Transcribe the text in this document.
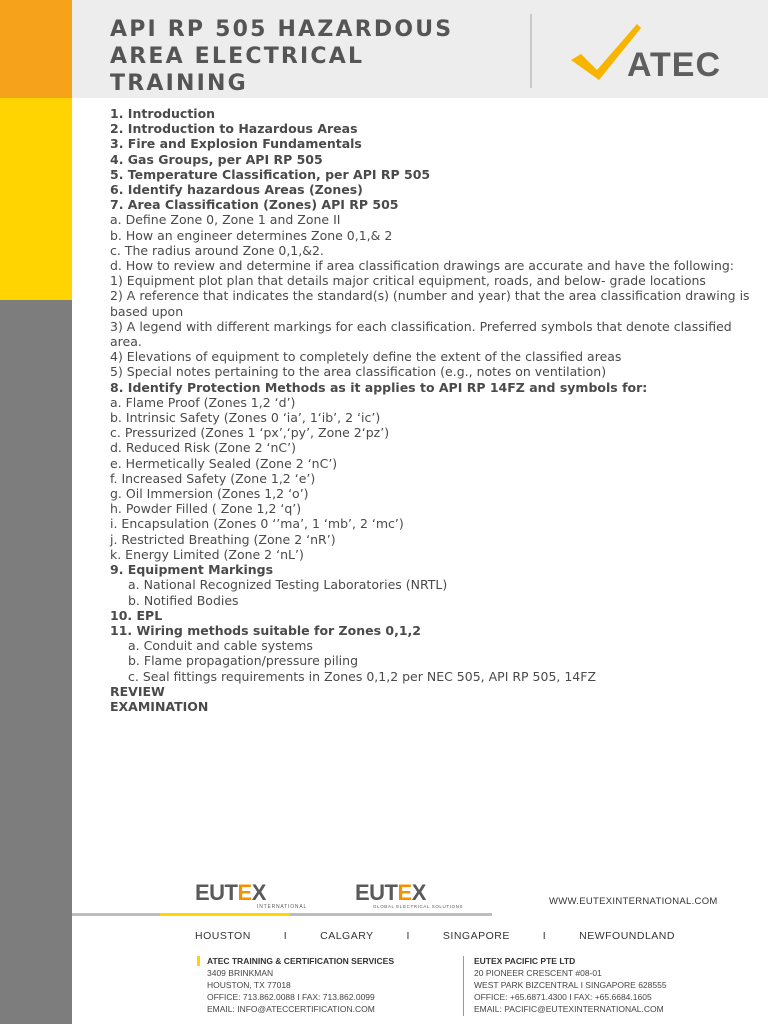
API RP 505 HAZARDOUS AREA ELECTRICAL TRAINING	ATEC
1. Introduction
2. Introduction to Hazardous Areas
3. Fire and Explosion Fundamentals
4. Gas Groups, per API RP 505
5. Temperature Classification, per API RP 505
6. Identify hazardous Areas (Zones)
7. Area Classification (Zones) API RP 505
a. Define Zone 0, Zone 1 and Zone II
b. How an engineer determines Zone 0,1,& 2
c. The radius around Zone 0,1,&2.
d. How to review and determine if area classification drawings are accurate and have the following:
1) Equipment plot plan that details major critical equipment, roads, and below- grade locations
2) A reference that indicates the standard(s) (number and year) that the area classification drawing is based upon
3) A legend with different markings for each classification. Preferred symbols that denote classified area.
4) Elevations of equipment to completely define the extent of the classified areas
5) Special notes pertaining to the area classification (e.g., notes on ventilation)
8. Identify Protection Methods as it applies to API RP 14FZ and symbols for:
a. Flame Proof (Zones 1,2 ‘d’)
b. Intrinsic Safety (Zones 0 ‘ia’, 1‘ib’, 2 ‘ic’)
c. Pressurized (Zones 1 ‘px’,‘py’, Zone 2‘pz’)
d. Reduced Risk (Zone 2 ‘nC’)
e. Hermetically Sealed (Zone 2 ‘nC’)
f. Increased Safety (Zone 1,2 ‘e’)
g. Oil Immersion (Zones 1,2 ‘o’)
h. Powder Filled ( Zone 1,2 ‘q’)
i. Encapsulation (Zones 0 ‘’ma’, 1 ‘mb’, 2 ‘mc’)
j. Restricted Breathing (Zone 2 ‘nR’)
k. Energy Limited (Zone 2 ‘nL’)
9. Equipment Markings
a. National Recognized Testing Laboratories (NRTL)
b. Notified Bodies
10. EPL
11. Wiring methods suitable for Zones 0,1,2
a. Conduit and cable systems
b. Flame propagation/pressure piling
c. Seal fittings requirements in Zones 0,1,2 per NEC 505, API RP 505, 14FZ
REVIEW
EXAMINATION
EUTEX
INTERNATIONAL
EUTEX
GLOBAL ELECTRICAL SOLUTIONS	WWW.EUTEXINTERNATIONAL.COM
HOUSTON	I	CALGARY	I	SINGAPORE	I	NEWFOUNDLAND
ATEC TRAINING & CERTIFICATION SERVICES
3409 BRINKMAN
HOUSTON, TX 77018
OFFICE: 713.862.0088 I FAX: 713.862.0099
EMAIL: INFO@ATECCERTIFICATION.COM
EUTEX PACIFIC PTE LTD
20 PIONEER CRESCENT #08-01
WEST PARK BIZCENTRAL I SINGAPORE 628555
OFFICE: +65.6871.4300 I FAX: +65.6684.1605
EMAIL: PACIFIC@EUTEXINTERNATIONAL.COM
